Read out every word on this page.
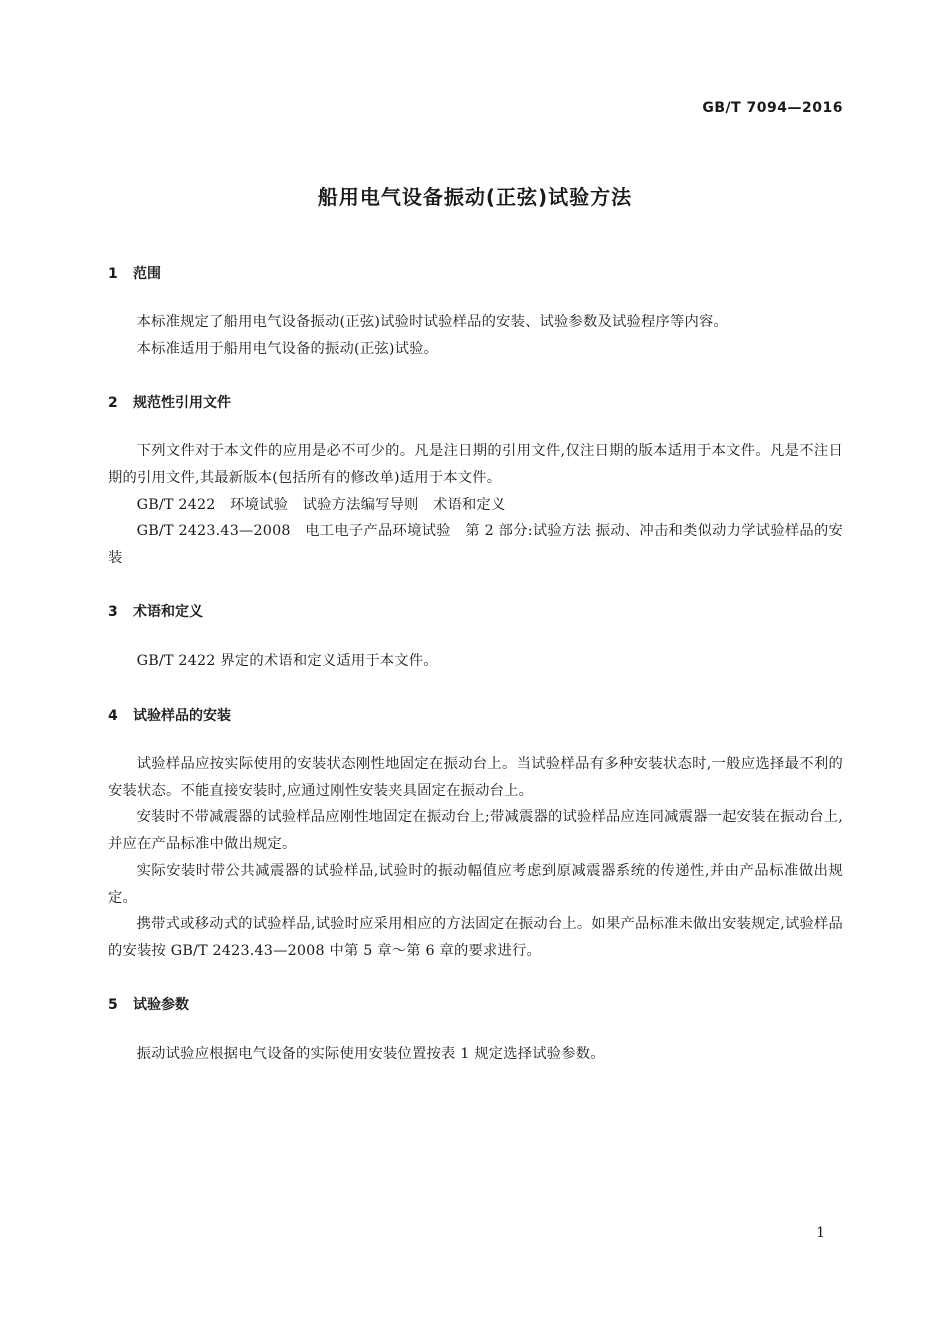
GB/T 7094—2016
船用电气设备振动(正弦)试验方法
1 范围

本标准规定了船用电气设备振动(正弦)试验时试验样品的安装、试验参数及试验程序等内容。

本标准适用于船用电气设备的振动(正弦)试验。

2 规范性引用文件

下列文件对于本文件的应用是必不可少的。凡是注日期的引用文件,仅注日期的版本适用于本文件。凡是不注日期的引用文件,其最新版本(包括所有的修改单)适用于本文件。

GB/T 2422　环境试验　试验方法编写导则　术语和定义

GB/T 2423.43—2008　电工电子产品环境试验　第 2 部分:试验方法 振动、冲击和类似动力学试验样品的安装

3 术语和定义

GB/T 2422 界定的术语和定义适用于本文件。

4 试验样品的安装

试验样品应按实际使用的安装状态刚性地固定在振动台上。当试验样品有多种安装状态时,一般应选择最不利的安装状态。不能直接安装时,应通过刚性安装夹具固定在振动台上。

安装时不带减震器的试验样品应刚性地固定在振动台上;带减震器的试验样品应连同减震器一起安装在振动台上,并应在产品标准中做出规定。

实际安装时带公共减震器的试验样品,试验时的振动幅值应考虑到原减震器系统的传递性,并由产品标准做出规定。

携带式或移动式的试验样品,试验时应采用相应的方法固定在振动台上。如果产品标准未做出安装规定,试验样品的安装按 GB/T 2423.43—2008 中第 5 章～第 6 章的要求进行。

5 试验参数

振动试验应根据电气设备的实际使用安装位置按表 1 规定选择试验参数。

1
